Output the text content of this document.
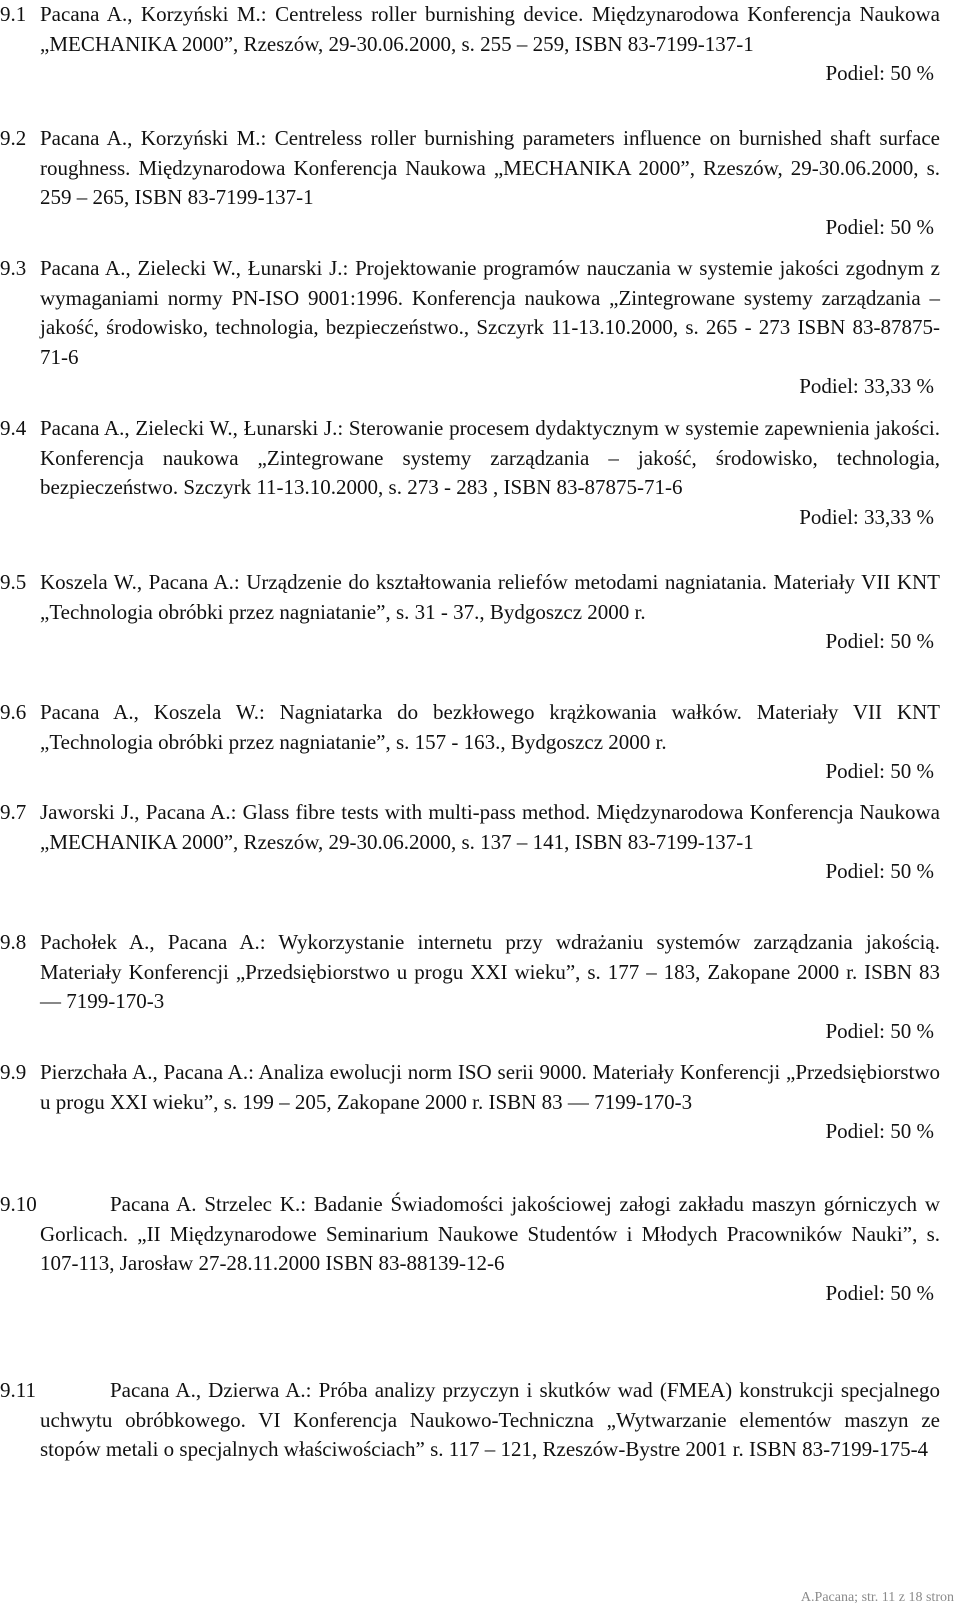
9.1 Pacana A., Korzyński M.: Centreless roller burnishing device. Międzynarodowa Konferencja Naukowa „MECHANIKA 2000”, Rzeszów, 29-30.06.2000, s. 255 – 259, ISBN 83-7199-137-1

Podiel: 50 %

9.2 Pacana A., Korzyński M.: Centreless roller burnishing parameters influence on burnished shaft surface roughness. Międzynarodowa Konferencja Naukowa „MECHANIKA 2000”, Rzeszów, 29-30.06.2000, s. 259 – 265, ISBN 83-7199-137-1

Podiel: 50 %

9.3 Pacana A., Zielecki W., Łunarski J.: Projektowanie programów nauczania w systemie jakości zgodnym z wymaganiami normy PN-ISO 9001:1996. Konferencja naukowa „Zintegrowane systemy zarządzania – jakość, środowisko, technologia, bezpieczeństwo., Szczyrk 11-13.10.2000, s. 265 - 273 ISBN 83-87875-71-6

Podiel: 33,33 %

9.4 Pacana A., Zielecki W., Łunarski J.: Sterowanie procesem dydaktycznym w systemie zapewnienia jakości. Konferencja naukowa „Zintegrowane systemy zarządzania – jakość, środowisko, technologia, bezpieczeństwo. Szczyrk 11-13.10.2000, s. 273 - 283 , ISBN 83-87875-71-6

Podiel: 33,33 %

9.5 Koszela W., Pacana A.: Urządzenie do kształtowania reliefów metodami nagniatania. Materiały VII KNT „Technologia obróbki przez nagniatanie”, s. 31 - 37., Bydgoszcz 2000 r.

Podiel: 50 %

9.6 Pacana A., Koszela W.: Nagniatarka do bezkłowego krążkowania wałków. Materiały VII KNT „Technologia obróbki przez nagniatanie”, s. 157 - 163., Bydgoszcz 2000 r.

Podiel: 50 %

9.7 Jaworski J., Pacana A.: Glass fibre tests with multi-pass method. Międzynarodowa Konferencja Naukowa „MECHANIKA 2000”, Rzeszów, 29-30.06.2000, s. 137 – 141, ISBN 83-7199-137-1

Podiel: 50 %

9.8 Pachołek A., Pacana A.: Wykorzystanie internetu przy wdrażaniu systemów zarządzania jakością. Materiały Konferencji „Przedsiębiorstwo u progu XXI wieku”, s. 177 – 183, Zakopane 2000 r. ISBN 83 — 7199-170-3

Podiel: 50 %

9.9 Pierzchała A., Pacana A.: Analiza ewolucji norm ISO serii 9000. Materiały Konferencji „Przedsiębiorstwo u progu XXI wieku”, s. 199 – 205, Zakopane 2000 r. ISBN 83 — 7199-170-3

Podiel: 50 %

9.10	Pacana A. Strzelec K.: Badanie Świadomości jakościowej załogi zakładu maszyn górniczych w Gorlicach. „II Międzynarodowe Seminarium Naukowe Studentów i Młodych Pracowników Nauki”, s. 107-113, Jarosław 27-28.11.2000 ISBN 83-88139-12-6

Podiel: 50 %

9.11	Pacana A., Dzierwa A.: Próba analizy przyczyn i skutków wad (FMEA) konstrukcji specjalnego uchwytu obróbkowego. VI Konferencja Naukowo-Techniczna „Wytwarzanie elementów maszyn ze stopów metali o specjalnych właściwościach” s. 117 – 121, Rzeszów-Bystre 2001 r. ISBN 83-7199-175-4

A.Pacana; str. 11 z 18 stron
